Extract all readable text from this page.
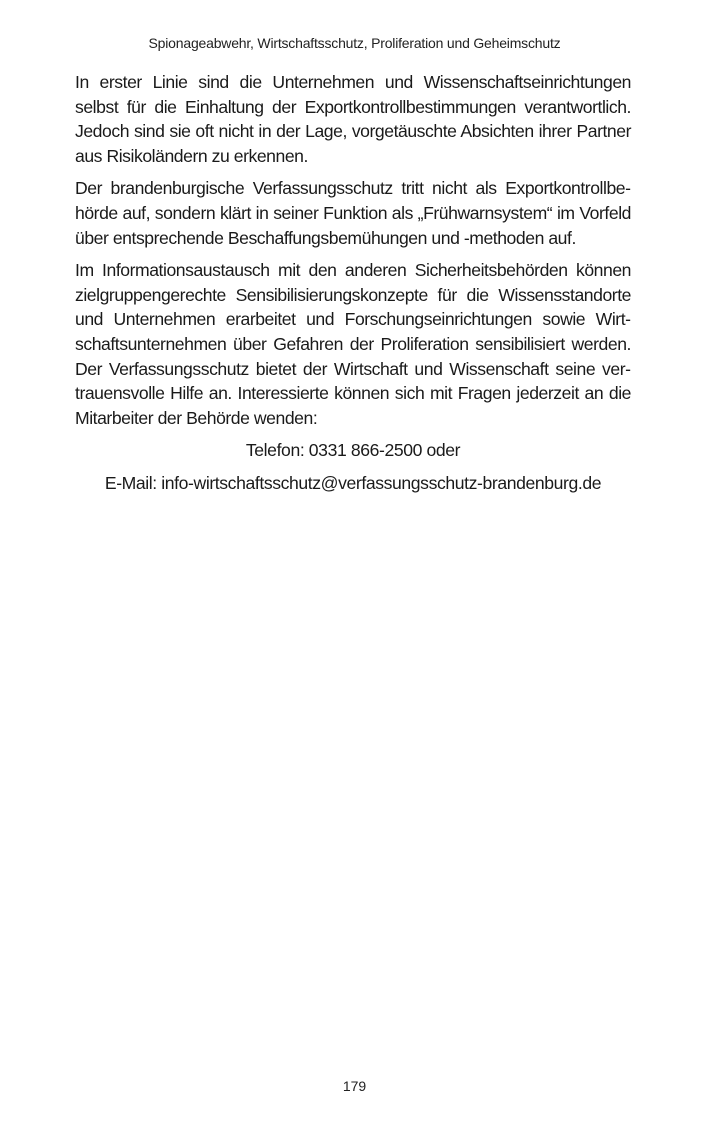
Spionageabwehr, Wirtschaftsschutz, Proliferation und Geheimschutz

In erster Linie sind die Unternehmen und Wissenschaftseinrichtungen selbst für die Einhaltung der Exportkontrollbestimmungen verantwortlich. Jedoch sind sie oft nicht in der Lage, vorgetäuschte Absichten ihrer Partner aus Risikoländern zu erkennen.

Der brandenburgische Verfassungsschutz tritt nicht als Exportkontrollbehörde auf, sondern klärt in seiner Funktion als „Frühwarnsystem“ im Vorfeld über entsprechende Beschaffungsbemühungen und -methoden auf.

Im Informationsaustausch mit den anderen Sicherheitsbehörden können zielgruppengerechte Sensibilisierungskonzepte für die Wissensstandorte und Unternehmen erarbeitet und Forschungseinrichtungen sowie Wirtschaftsunternehmen über Gefahren der Proliferation sensibilisiert werden. Der Verfassungsschutz bietet der Wirtschaft und Wissenschaft seine vertrauensvolle Hilfe an. Interessierte können sich mit Fragen jederzeit an die Mitarbeiter der Behörde wenden:

Telefon: 0331 866-2500 oder

E-Mail: info-wirtschaftsschutz@verfassungsschutz-brandenburg.de

179
